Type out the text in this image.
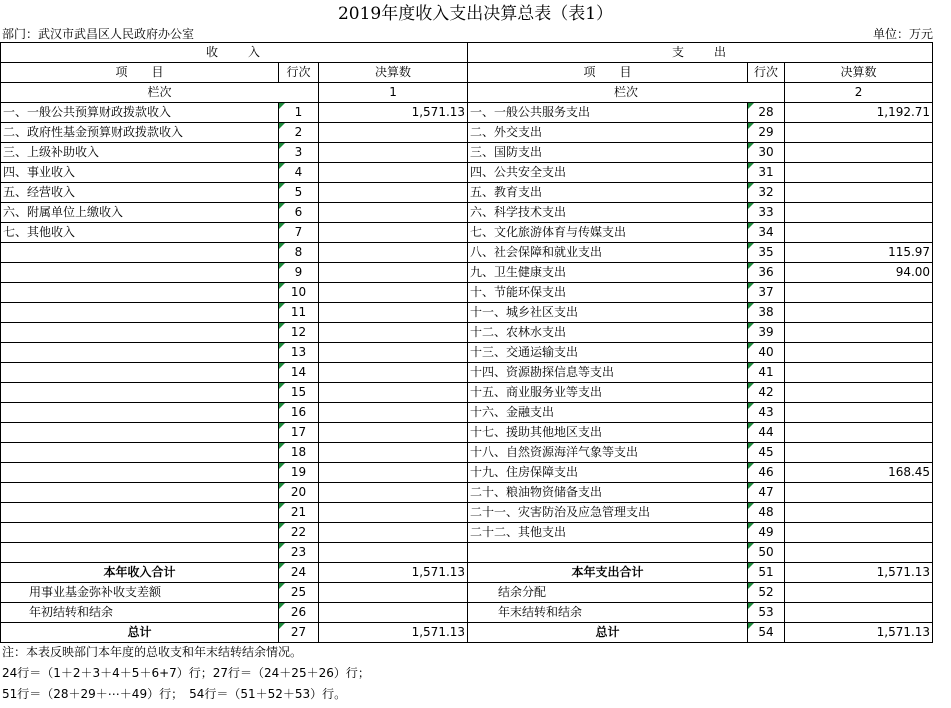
2019年度收入支出决算总表（表1）
部门：武汉市武昌区人民政府办公室	单位：万元
收　　入			支　　出		
项　　目	行次	决算数	项　　目	行次	决算数
栏次		1	栏次		2
一、一般公共预算财政拨款收入	1	1,571.13	一、一般公共服务支出	28	1,192.71
二、政府性基金预算财政拨款收入	2		二、外交支出	29	
三、上级补助收入	3		三、国防支出	30	
四、事业收入	4		四、公共安全支出	31	
五、经营收入	5		五、教育支出	32	
六、附属单位上缴收入	6		六、科学技术支出	33	
七、其他收入	7		七、文化旅游体育与传媒支出	34	
	8		八、社会保障和就业支出	35	115.97
	9		九、卫生健康支出	36	94.00
	10		十、节能环保支出	37	
	11		十一、城乡社区支出	38	
	12		十二、农林水支出	39	
	13		十三、交通运输支出	40	
	14		十四、资源勘探信息等支出	41	
	15		十五、商业服务业等支出	42	
	16		十六、金融支出	43	
	17		十七、援助其他地区支出	44	
	18		十八、自然资源海洋气象等支出	45	
	19		十九、住房保障支出	46	168.45
	20		二十、粮油物资储备支出	47	
	21		二十一、灾害防治及应急管理支出	48	
	22		二十二、其他支出	49	
	23			50	
本年收入合计	24	1,571.13	本年支出合计	51	1,571.13
用事业基金弥补收支差额	25		结余分配	52	
年初结转和结余	26		年末结转和结余	53	
总计	27	1,571.13	总计	54	1,571.13
注：本表反映部门本年度的总收支和年末结转结余情况。
24行＝（1＋2＋3＋4＋5＋6+7）行；27行＝（24＋25＋26）行；
51行＝（28＋29＋⋯＋49）行；　54行＝（51＋52＋53）行。
